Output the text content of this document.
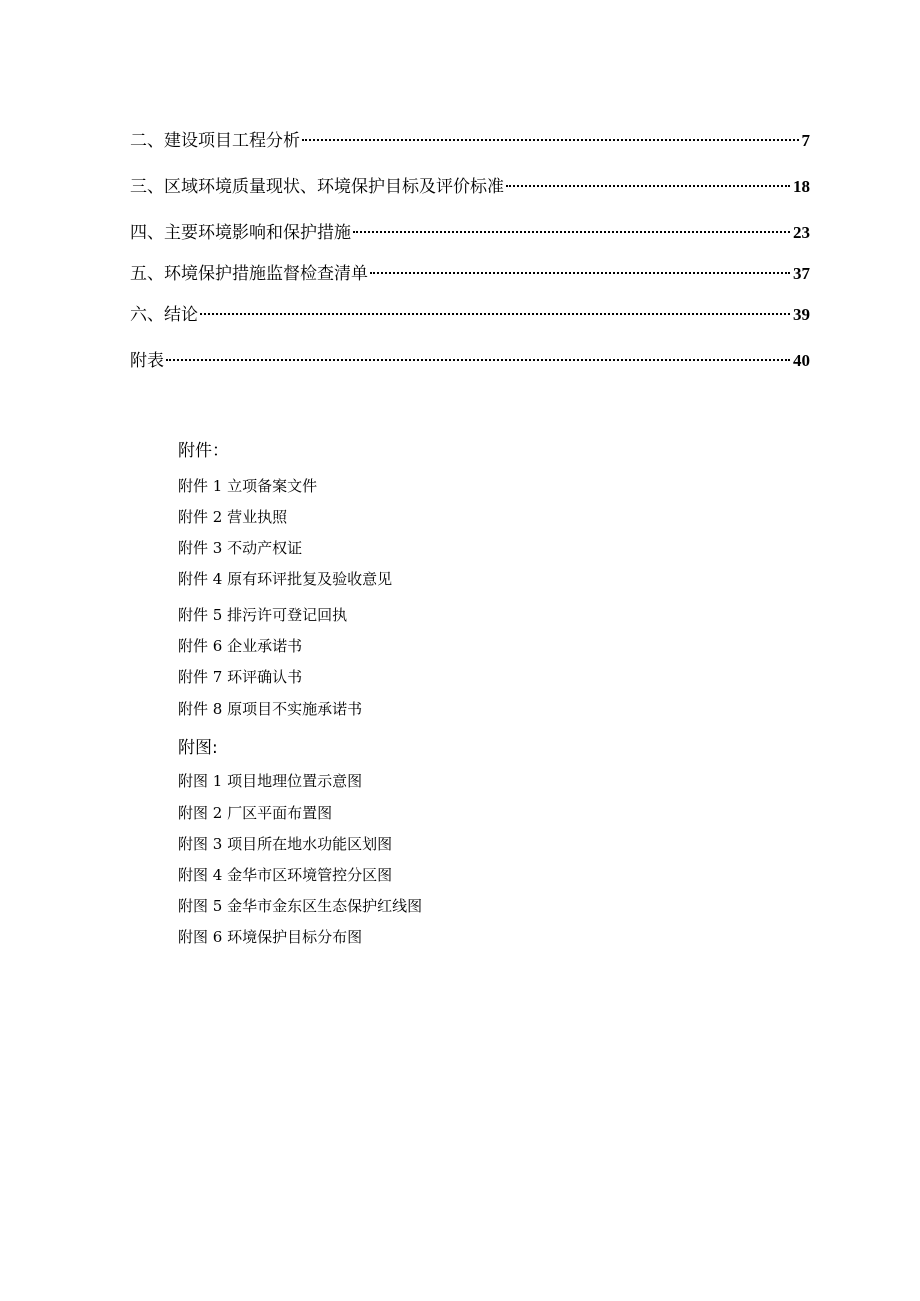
二、建设项目工程分析	7
三、区域环境质量现状、环境保护目标及评价标准	18
四、主要环境影响和保护措施	23
五、环境保护措施监督检查清单	37
六、结论	39
附表	40
附件：
附件 1 立项备案文件
附件 2 营业执照
附件 3 不动产权证
附件 4 原有环评批复及验收意见
附件 5 排污许可登记回执
附件 6 企业承诺书
附件 7 环评确认书
附件 8 原项目不实施承诺书
附图:
附图 1 项目地理位置示意图
附图 2 厂区平面布置图
附图 3 项目所在地水功能区划图
附图 4 金华市区环境管控分区图
附图 5 金华市金东区生态保护红线图
附图 6 环境保护目标分布图
